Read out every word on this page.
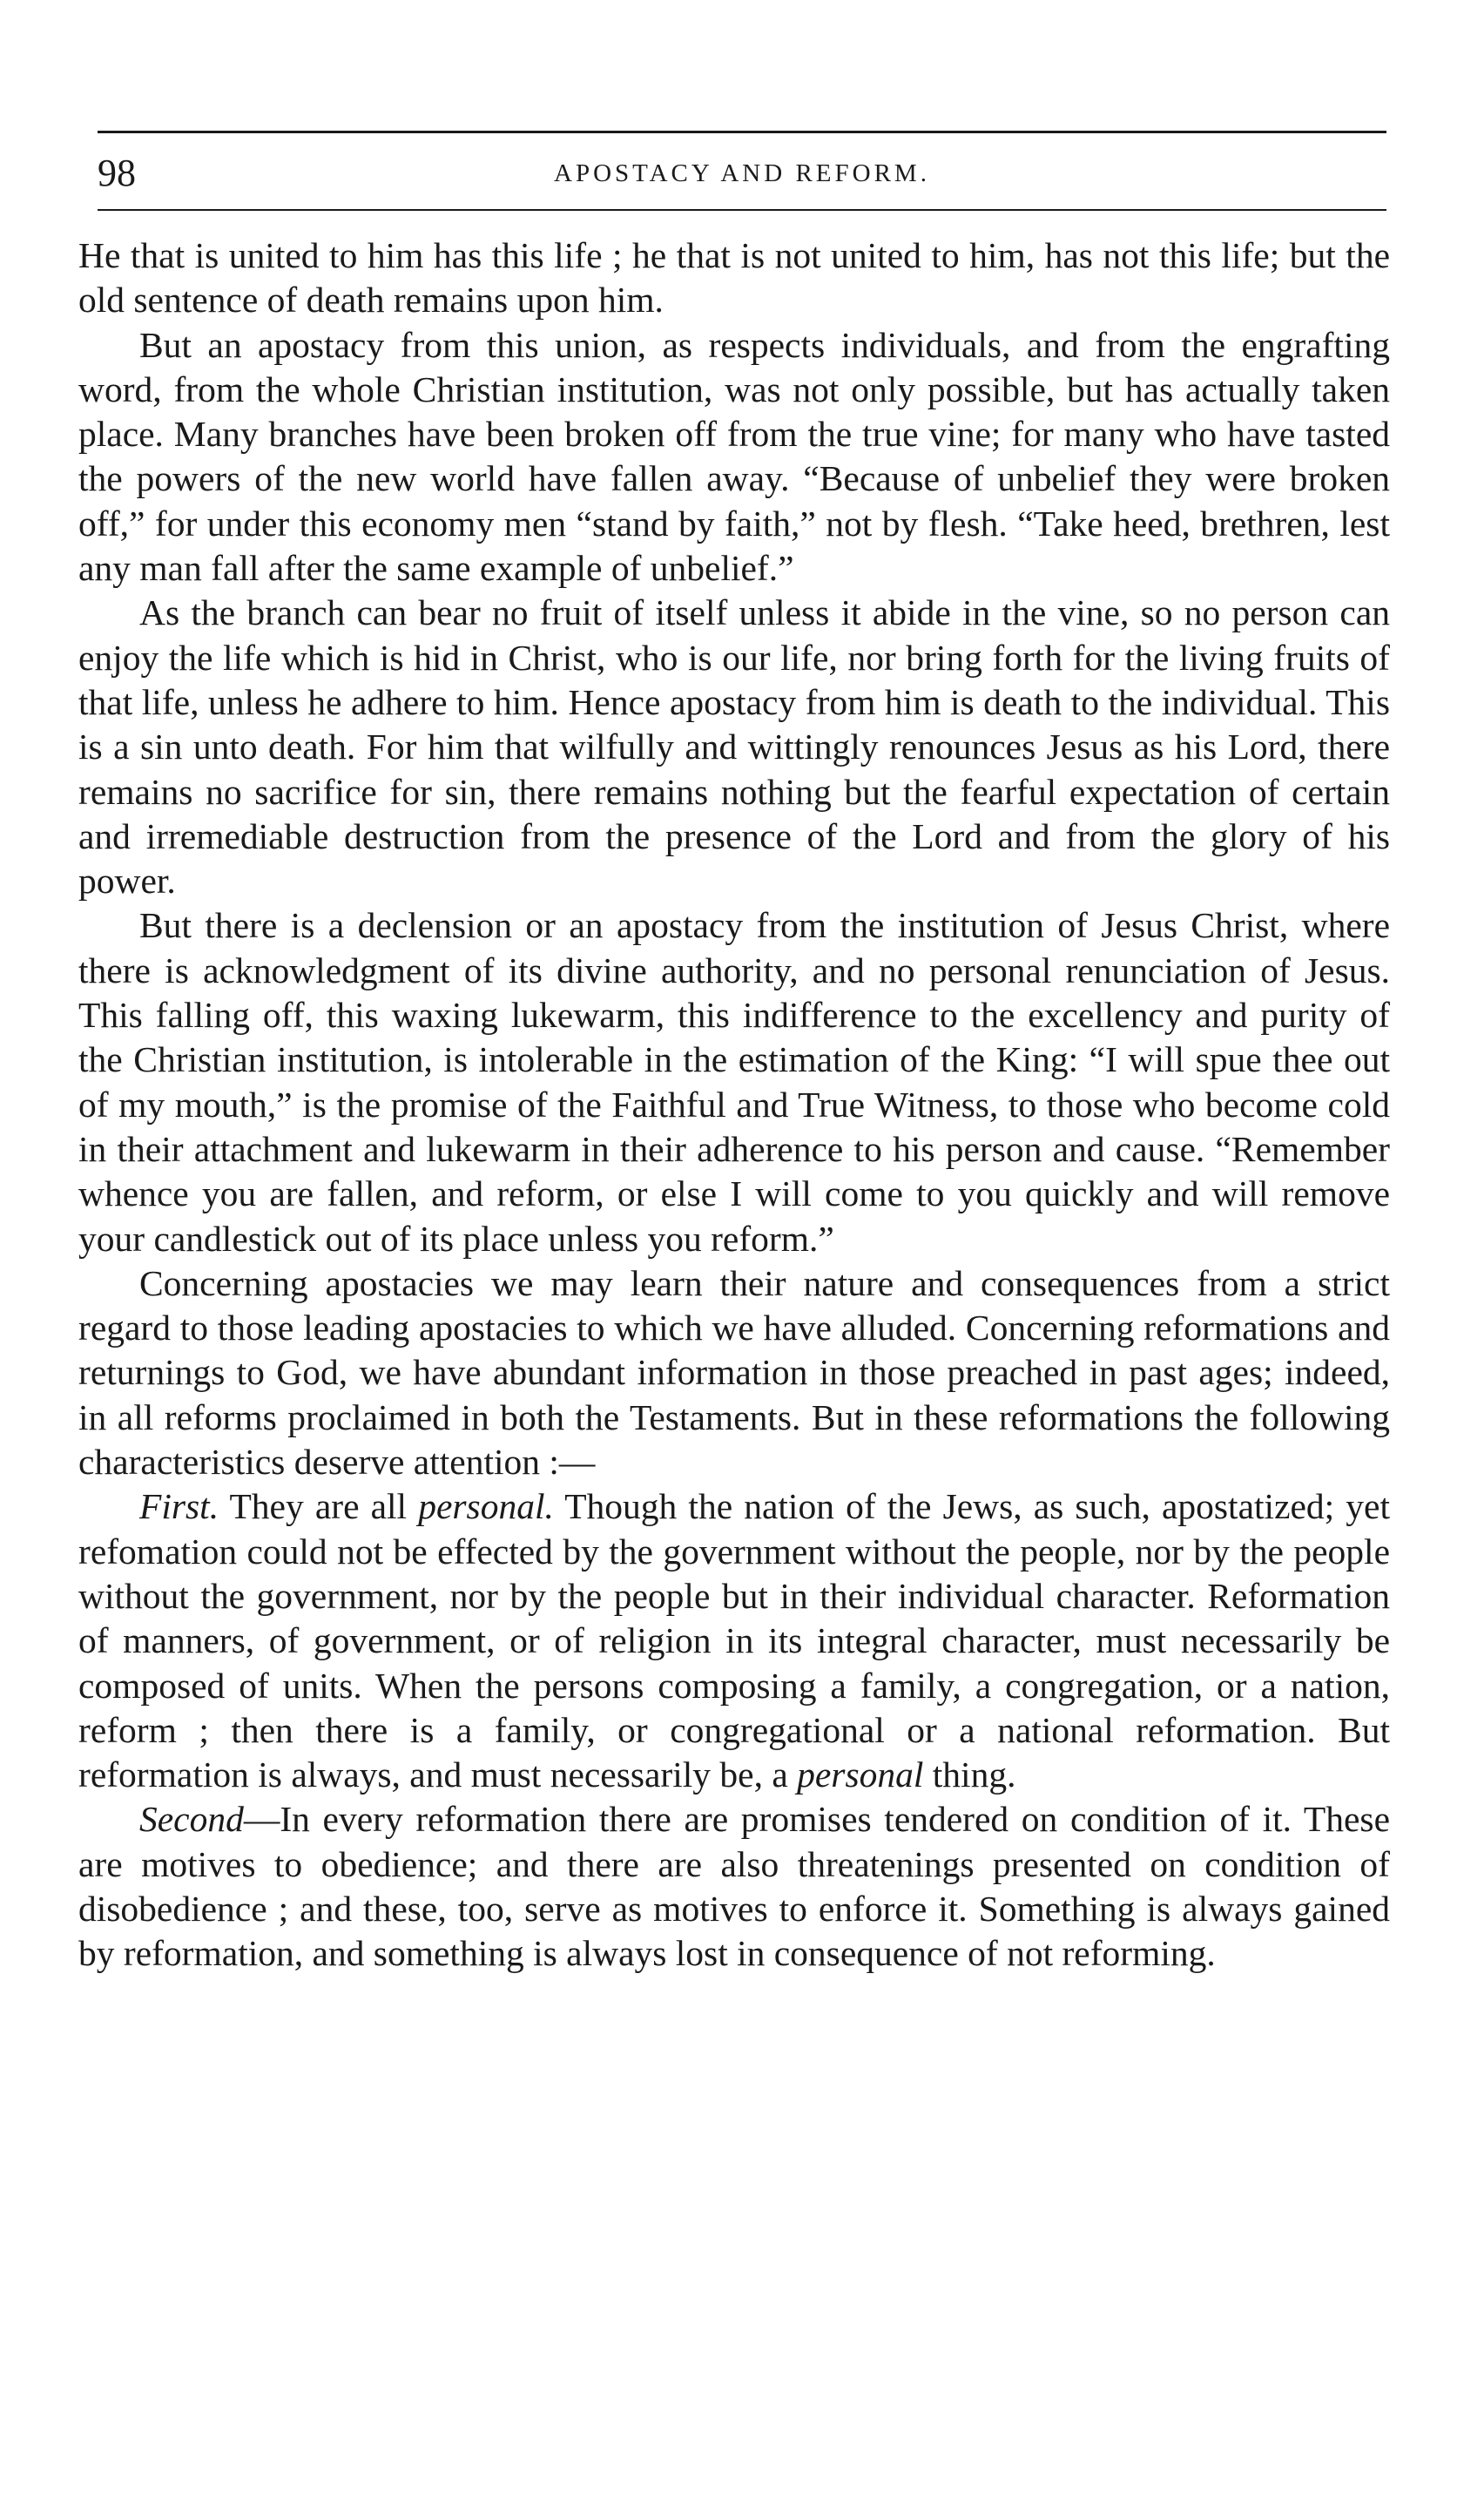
98	APOSTACY AND REFORM.

He that is united to him has this life ; he that is not united to him, has not this life; but the old sentence of death remains upon him.

But an apostacy from this union, as respects individuals, and from the engrafting word, from the whole Christian institution, was not only possible, but has actually taken place. Many branches have been broken off from the true vine; for many who have tasted the powers of the new world have fallen away. “Because of unbelief they were broken off,” for under this economy men “stand by faith,” not by flesh. “Take heed, brethren, lest any man fall after the same example of unbelief.”

As the branch can bear no fruit of itself unless it abide in the vine, so no person can enjoy the life which is hid in Christ, who is our life, nor bring forth for the living fruits of that life, unless he adhere to him. Hence apostacy from him is death to the individual. This is a sin unto death. For him that wilfully and wittingly renounces Jesus as his Lord, there remains no sacrifice for sin, there remains nothing but the fearful expectation of certain and irremediable destruction from the presence of the Lord and from the glory of his power.

But there is a declension or an apostacy from the institution of Jesus Christ, where there is acknowledgment of its divine authority, and no personal renunciation of Jesus. This falling off, this waxing lukewarm, this indifference to the excellency and purity of the Christian institution, is intolerable in the estimation of the King: “I will spue thee out of my mouth,” is the promise of the Faithful and True Witness, to those who become cold in their attachment and lukewarm in their adherence to his person and cause. “Remember whence you are fallen, and reform, or else I will come to you quickly and will remove your candlestick out of its place unless you reform.”

Concerning apostacies we may learn their nature and consequences from a strict regard to those leading apostacies to which we have alluded. Concerning reformations and returnings to God, we have abundant information in those preached in past ages; indeed, in all reforms proclaimed in both the Testaments. But in these reformations the following characteristics deserve attention :—

First. They are all personal. Though the nation of the Jews, as such, apostatized; yet refomation could not be effected by the government without the people, nor by the people without the government, nor by the people but in their individual character. Reformation of manners, of government, or of religion in its integral character, must necessarily be composed of units. When the persons composing a family, a congregation, or a nation, reform ; then there is a family, or congregational or a national reformation. But reformation is always, and must necessarily be, a personal thing.

Second—In every reformation there are promises tendered on condition of it. These are motives to obedience; and there are also threatenings presented on condition of disobedience ; and these, too, serve as motives to enforce it. Something is always gained by reformation, and something is always lost in consequence of not reforming.
